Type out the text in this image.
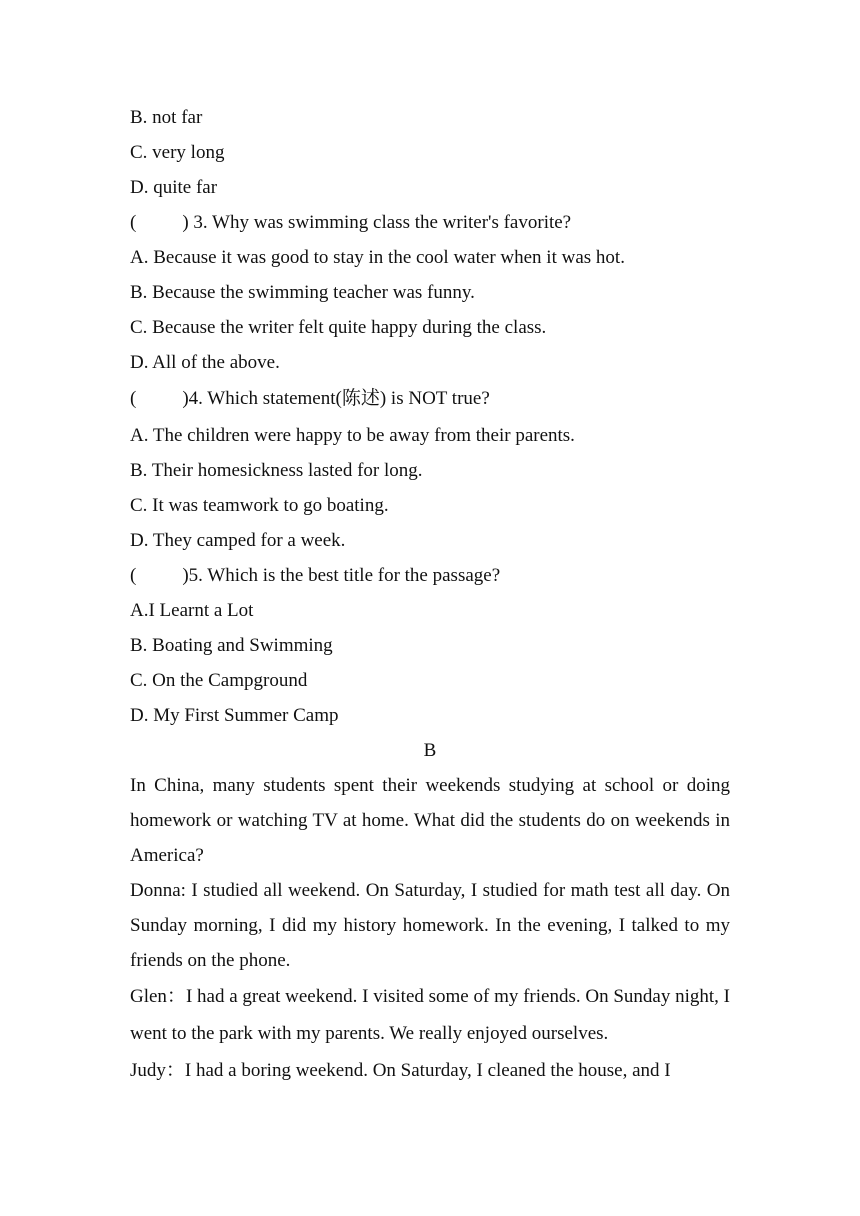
B. not far
C. very long
D. quite far
( ) 3. Why was swimming class the writer's favorite?
A. Because it was good to stay in the cool water when it was hot.
B. Because the swimming teacher was funny.
C. Because the writer felt quite happy during the class.
D. All of the above.
( )4. Which statement(陈述) is NOT true?
A. The children were happy to be away from their parents.
B. Their homesickness lasted for long.
C. It was teamwork to go boating.
D. They camped for a week.
( )5. Which is the best title for the passage?
A.I Learnt a Lot
B. Boating and Swimming
C. On the Campground
D. My First Summer Camp
B
In China, many students spent their weekends studying at school or doing homework or watching TV at home. What did the students do on weekends in America?
Donna: I studied all weekend. On Saturday, I studied for math test all day. On Sunday morning, I did my history homework. In the evening, I talked to my friends on the phone.
Glen：I had a great weekend. I visited some of my friends. On Sunday night, I went to the park with my parents. We really enjoyed ourselves.
Judy：I had a boring weekend. On Saturday, I cleaned the house, and I
